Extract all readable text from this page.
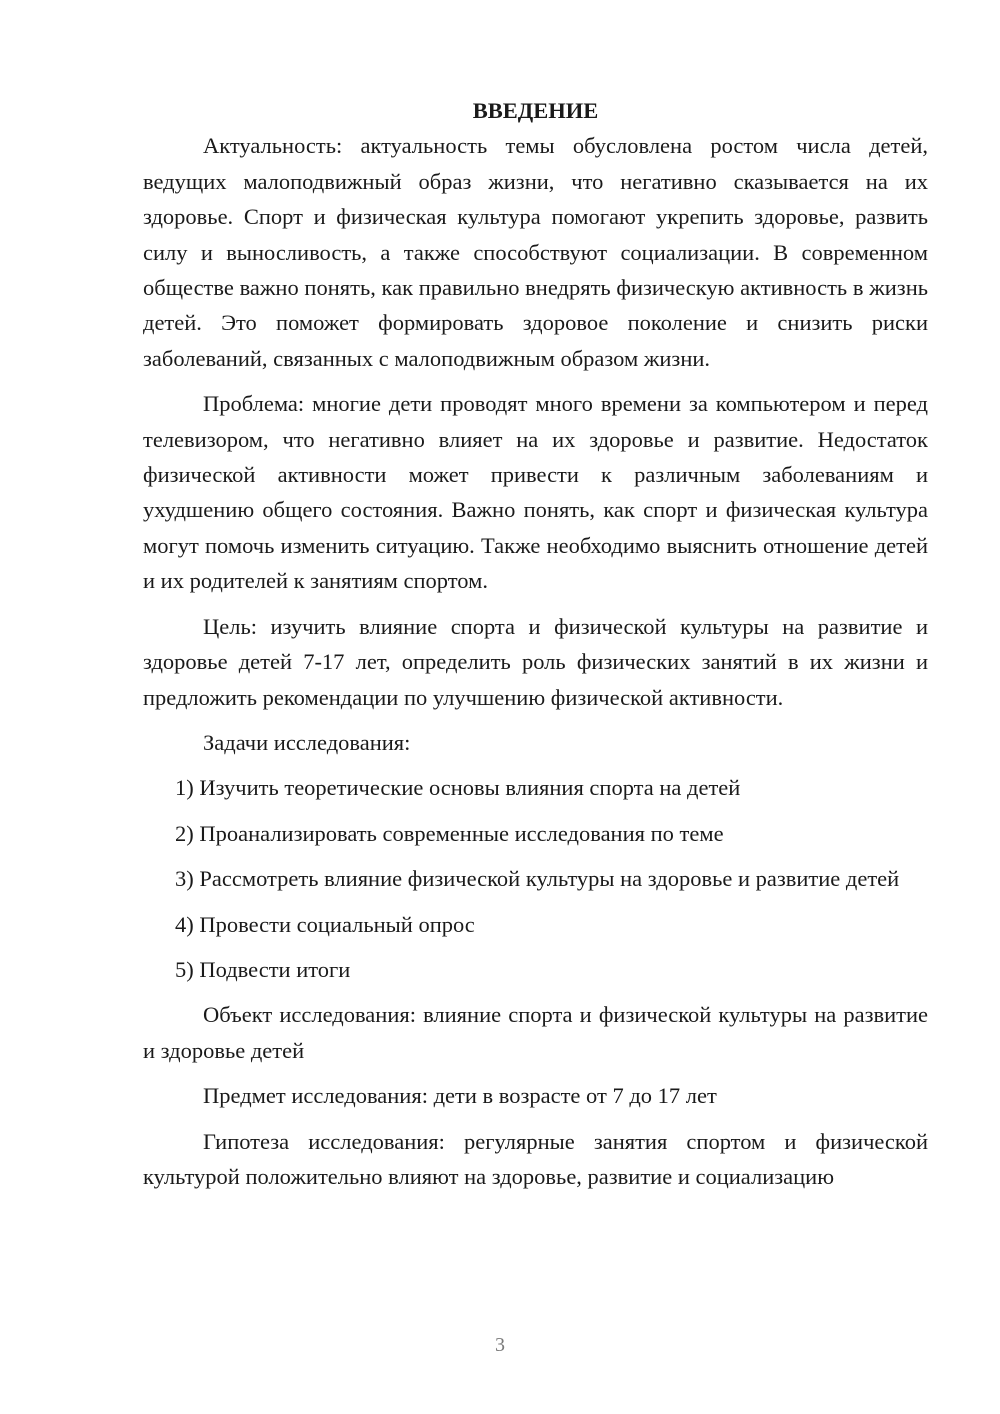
ВВЕДЕНИЕ

Актуальность: актуальность темы обусловлена ростом числа детей, ведущих малоподвижный образ жизни, что негативно сказывается на их здоровье. Спорт и физическая культура помогают укрепить здоровье, развить силу и выносливость, а также способствуют социализации. В современном обществе важно понять, как правильно внедрять физическую активность в жизнь детей. Это поможет формировать здоровое поколение и снизить риски заболеваний, связанных с малоподвижным образом жизни.

Проблема: многие дети проводят много времени за компьютером и перед телевизором, что негативно влияет на их здоровье и развитие. Недостаток физической активности может привести к различным заболеваниям и ухудшению общего состояния. Важно понять, как спорт и физическая культура могут помочь изменить ситуацию. Также необходимо выяснить отношение детей и их родителей к занятиям спортом.

Цель: изучить влияние спорта и физической культуры на развитие и здоровье детей 7-17 лет, определить роль физических занятий в их жизни и предложить рекомендации по улучшению физической активности.

Задачи исследования:

1) Изучить теоретические основы влияния спорта на детей

2) Проанализировать современные исследования по теме

3) Рассмотреть влияние физической культуры на здоровье и развитие детей

4) Провести социальный опрос

5) Подвести итоги

Объект исследования: влияние спорта и физической культуры на развитие и здоровье детей

Предмет исследования: дети в возрасте от 7 до 17 лет

Гипотеза исследования: регулярные занятия спортом и физической культурой положительно влияют на здоровье, развитие и социализацию

3
